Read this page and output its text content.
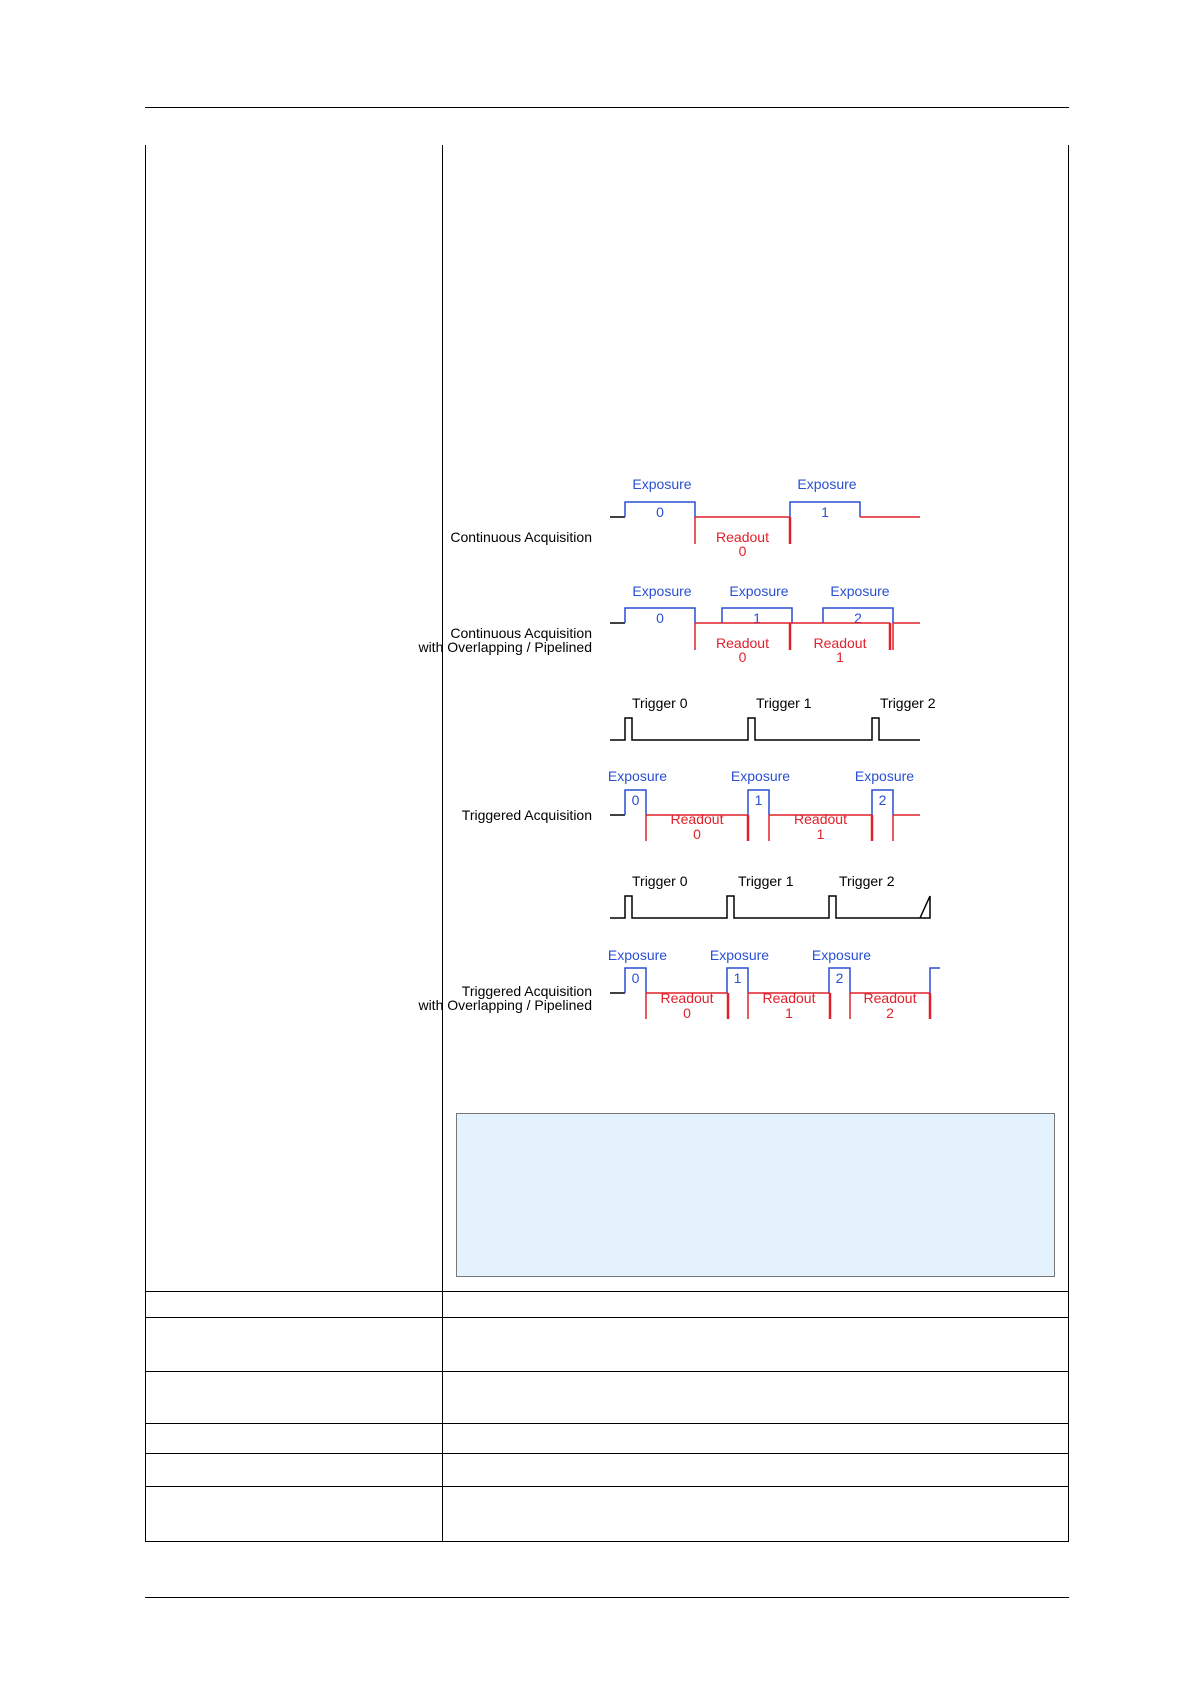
Continuous Acquisition
Exposure
0
Exposure
1
Readout
0
Continuous Acquisition
with Overlapping / Pipelined
Exposure
0
Exposure
1
Exposure
2
Readout
0
Readout
1
Trigger 0	Trigger 1	Trigger 2
Triggered Acquisition
Exposure
0
Exposure
1
Exposure
2
Readout
0
Readout
1
Trigger 0	Trigger 1	Trigger 2
Triggered Acquisition
with Overlapping / Pipelined
Exposure
0
Exposure
1
Exposure
2
Readout
0
Readout
1
Readout
2
